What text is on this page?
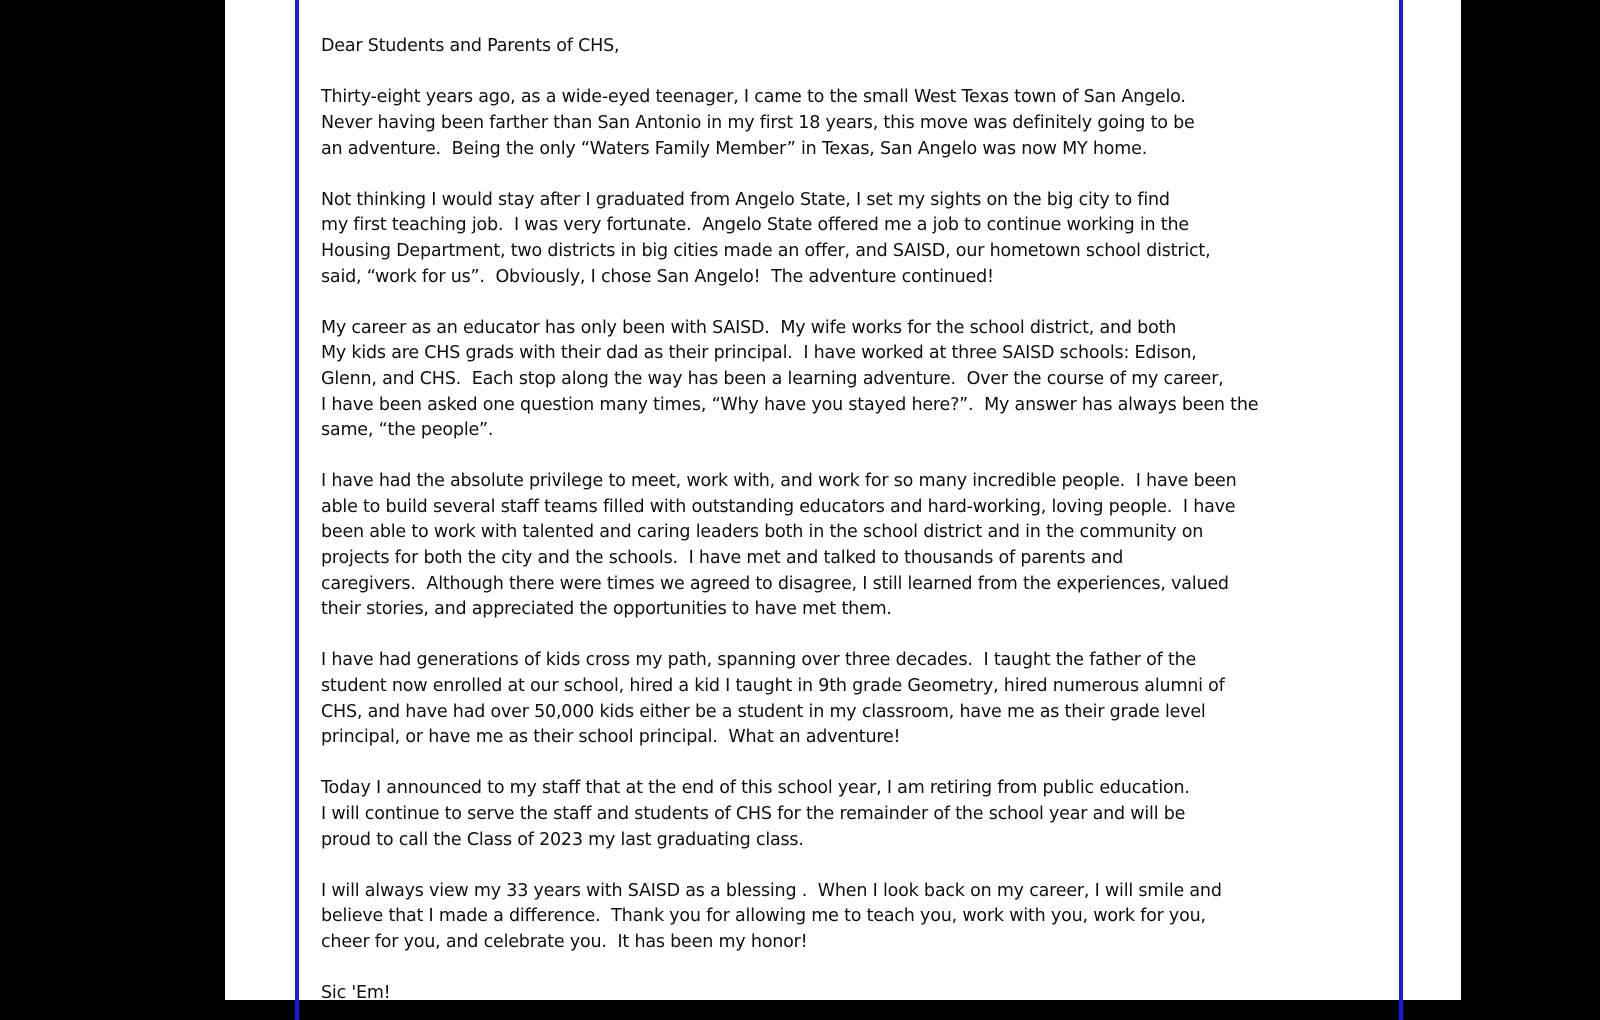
Dear Students and Parents of CHS,
Thirty-eight years ago, as a wide-eyed teenager, I came to the small West Texas town of San Angelo.
Never having been farther than San Antonio in my first 18 years, this move was definitely going to be
an adventure.  Being the only “Waters Family Member” in Texas, San Angelo was now MY home.
Not thinking I would stay after I graduated from Angelo State, I set my sights on the big city to find
my first teaching job.  I was very fortunate.  Angelo State offered me a job to continue working in the
Housing Department, two districts in big cities made an offer, and SAISD, our hometown school district,
said, “work for us”.  Obviously, I chose San Angelo!  The adventure continued!
My career as an educator has only been with SAISD.  My wife works for the school district, and both
My kids are CHS grads with their dad as their principal.  I have worked at three SAISD schools: Edison,
Glenn, and CHS.  Each stop along the way has been a learning adventure.  Over the course of my career,
I have been asked one question many times, “Why have you stayed here?”.  My answer has always been the
same, “the people”.
I have had the absolute privilege to meet, work with, and work for so many incredible people.  I have been
able to build several staff teams filled with outstanding educators and hard-working, loving people.  I have
been able to work with talented and caring leaders both in the school district and in the community on
projects for both the city and the schools.  I have met and talked to thousands of parents and
caregivers.  Although there were times we agreed to disagree, I still learned from the experiences, valued
their stories, and appreciated the opportunities to have met them.
I have had generations of kids cross my path, spanning over three decades.  I taught the father of the
student now enrolled at our school, hired a kid I taught in 9th grade Geometry, hired numerous alumni of
CHS, and have had over 50,000 kids either be a student in my classroom, have me as their grade level
principal, or have me as their school principal.  What an adventure!
Today I announced to my staff that at the end of this school year, I am retiring from public education.
I will continue to serve the staff and students of CHS for the remainder of the school year and will be
proud to call the Class of 2023 my last graduating class.
I will always view my 33 years with SAISD as a blessing .  When I look back on my career, I will smile and
believe that I made a difference.  Thank you for allowing me to teach you, work with you, work for you,
cheer for you, and celebrate you.  It has been my honor!
Sic 'Em!
